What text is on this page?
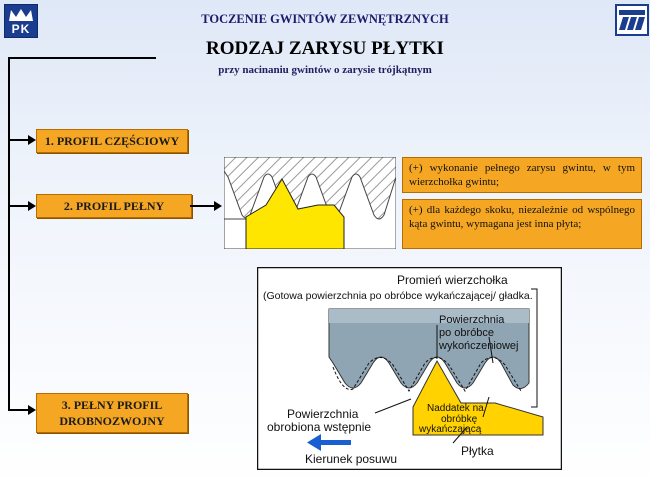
PK
TOCZENIE GWINTÓW ZEWNĘTRZNYCH
RODZAJ ZARYSU PŁYTKI
przy nacinaniu gwintów o zarysie trójkątnym
1. PROFIL CZĘŚCIOWY
2. PROFIL PEŁNY
3. PEŁNY PROFIL
DROBNOZWOJNY
(+) wykonanie pełnego zarysu gwintu, w tym wierzchołka gwintu;
(+) dla każdego skoku, niezależnie od wspólnego kąta gwintu, wymagana jest inna płyta;
Promień wierzchołka
(Gotowa powierzchnia po obróbce wykańczającej/ gładka.
Powierzchnia
po obróbce
wykończeniowej
Powierzchnia
obrobiona wstępnie
Naddatek na
obróbkę
wykańczającą
Płytka
Kierunek posuwu
